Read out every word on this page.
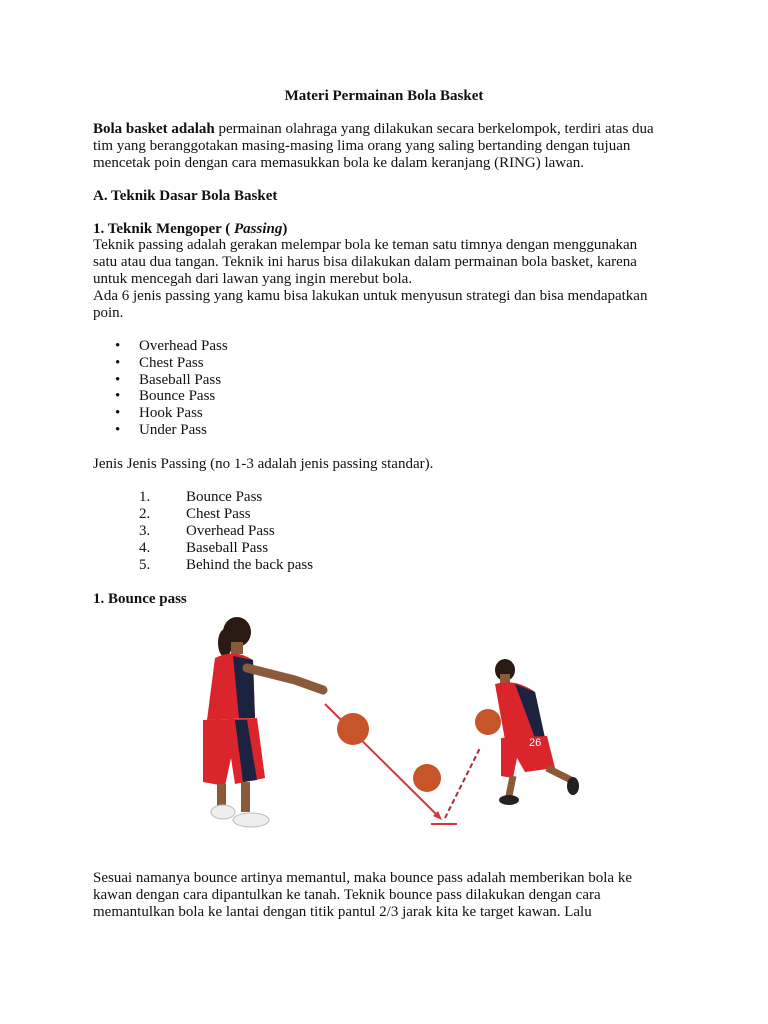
Materi Permainan Bola Basket
Bola basket adalah permainan olahraga yang dilakukan secara berkelompok, terdiri atas dua
tim yang beranggotakan masing-masing lima orang yang saling bertanding dengan tujuan
mencetak poin dengan cara memasukkan bola ke dalam keranjang (RING) lawan.
A. Teknik Dasar Bola Basket
1. Teknik Mengoper ( Passing)
Teknik passing adalah gerakan melempar bola ke teman satu timnya dengan menggunakan
satu atau dua tangan. Teknik ini harus bisa dilakukan dalam permainan bola basket, karena
untuk mencegah dari lawan yang ingin merebut bola.
Ada 6 jenis passing yang kamu bisa lakukan untuk menyusun strategi dan bisa mendapatkan
poin.
• Overhead Pass
• Chest Pass
• Baseball Pass
• Bounce Pass
• Hook Pass
• Under Pass
Jenis Jenis Passing (no 1-3 adalah jenis passing standar).
1. Bounce Pass
2. Chest Pass
3. Overhead Pass
4. Baseball Pass
5. Behind the back pass
1. Bounce pass
26
Sesuai namanya bounce artinya memantul, maka bounce pass adalah memberikan bola ke
kawan dengan cara dipantulkan ke tanah. Teknik bounce pass dilakukan dengan cara
memantulkan bola ke lantai dengan titik pantul 2/3 jarak kita ke target kawan. Lalu
